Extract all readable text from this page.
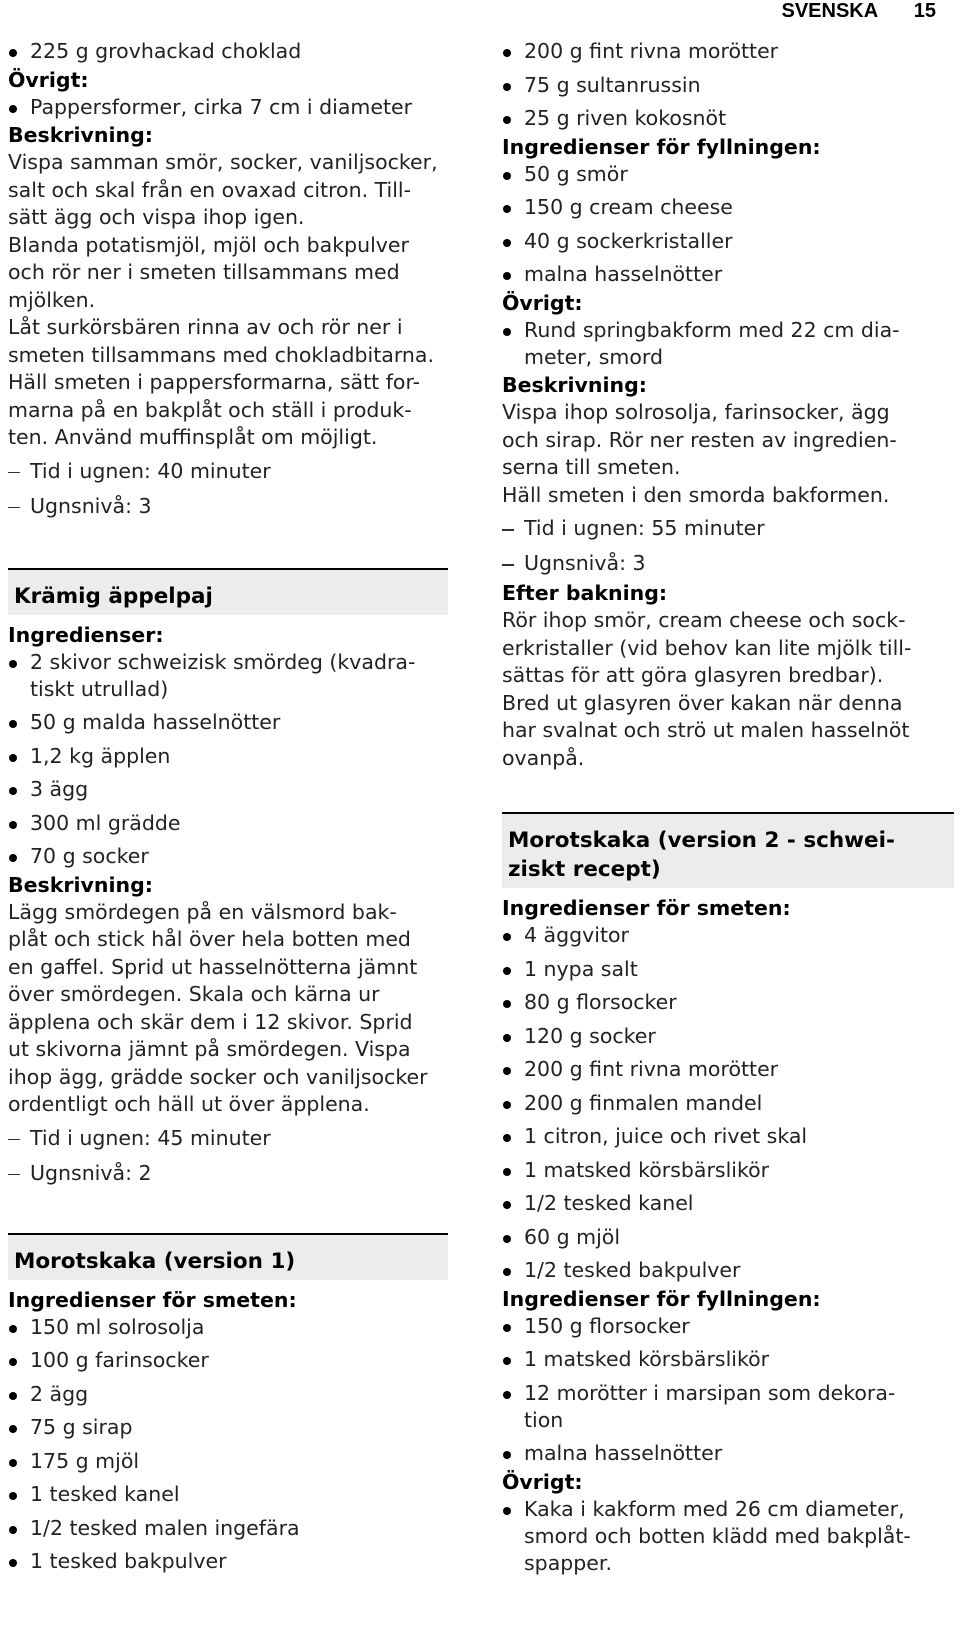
SVENSKA 15
225 g grovhackad choklad

Övrigt:

Pappersformer, cirka 7 cm i diameter

Beskrivning:

Vispa samman smör, socker, vaniljsocker,
salt och skal från en ovaxad citron. Till-
sätt ägg och vispa ihop igen.
Blanda potatismjöl, mjöl och bakpulver
och rör ner i smeten tillsammans med
mjölken.
Låt surkörsbären rinna av och rör ner i
smeten tillsammans med chokladbitarna.
Häll smeten i pappersformarna, sätt for-
marna på en bakplåt och ställ i produk-
ten. Använd muffinsplåt om möjligt.

Tid i ugnen: 40 minuter
Ugnsnivå: 3
Krämig äppelpaj

Ingredienser:

2 skivor schweizisk smördeg (kvadra-
tiskt utrullad)
50 g malda hasselnötter
1,2 kg äpplen
3 ägg
300 ml grädde
70 g socker

Beskrivning:

Lägg smördegen på en välsmord bak-
plåt och stick hål över hela botten med
en gaffel. Sprid ut hasselnötterna jämnt
över smördegen. Skala och kärna ur
äpplena och skär dem i 12 skivor. Sprid
ut skivorna jämnt på smördegen. Vispa
ihop ägg, grädde socker och vaniljsocker
ordentligt och häll ut över äpplena.

Tid i ugnen: 45 minuter
Ugnsnivå: 2
Morotskaka (version 1)

Ingredienser för smeten:

150 ml solrosolja
100 g farinsocker
2 ägg
75 g sirap
175 g mjöl
1 tesked kanel
1/2 tesked malen ingefära
1 tesked bakpulver
200 g fint rivna morötter
75 g sultanrussin
25 g riven kokosnöt

Ingredienser för fyllningen:

50 g smör
150 g cream cheese
40 g sockerkristaller
malna hasselnötter

Övrigt:

Rund springbakform med 22 cm dia-
meter, smord

Beskrivning:

Vispa ihop solrosolja, farinsocker, ägg
och sirap. Rör ner resten av ingredien-
serna till smeten.
Häll smeten i den smorda bakformen.

Tid i ugnen: 55 minuter
Ugnsnivå: 3

Efter bakning:

Rör ihop smör, cream cheese och sock-
erkristaller (vid behov kan lite mjölk till-
sättas för att göra glasyren bredbar).
Bred ut glasyren över kakan när denna
har svalnat och strö ut malen hasselnöt
ovanpå.

Morotskaka (version 2 - schwei-
ziskt recept)

Ingredienser för smeten:

4 äggvitor
1 nypa salt
80 g florsocker
120 g socker
200 g fint rivna morötter
200 g finmalen mandel
1 citron, juice och rivet skal
1 matsked körsbärslikör
1/2 tesked kanel
60 g mjöl
1/2 tesked bakpulver

Ingredienser för fyllningen:

150 g florsocker
1 matsked körsbärslikör
12 morötter i marsipan som dekora-
tion
malna hasselnötter

Övrigt:

Kaka i kakform med 26 cm diameter,
smord och botten klädd med bakplåt-
spapper.
